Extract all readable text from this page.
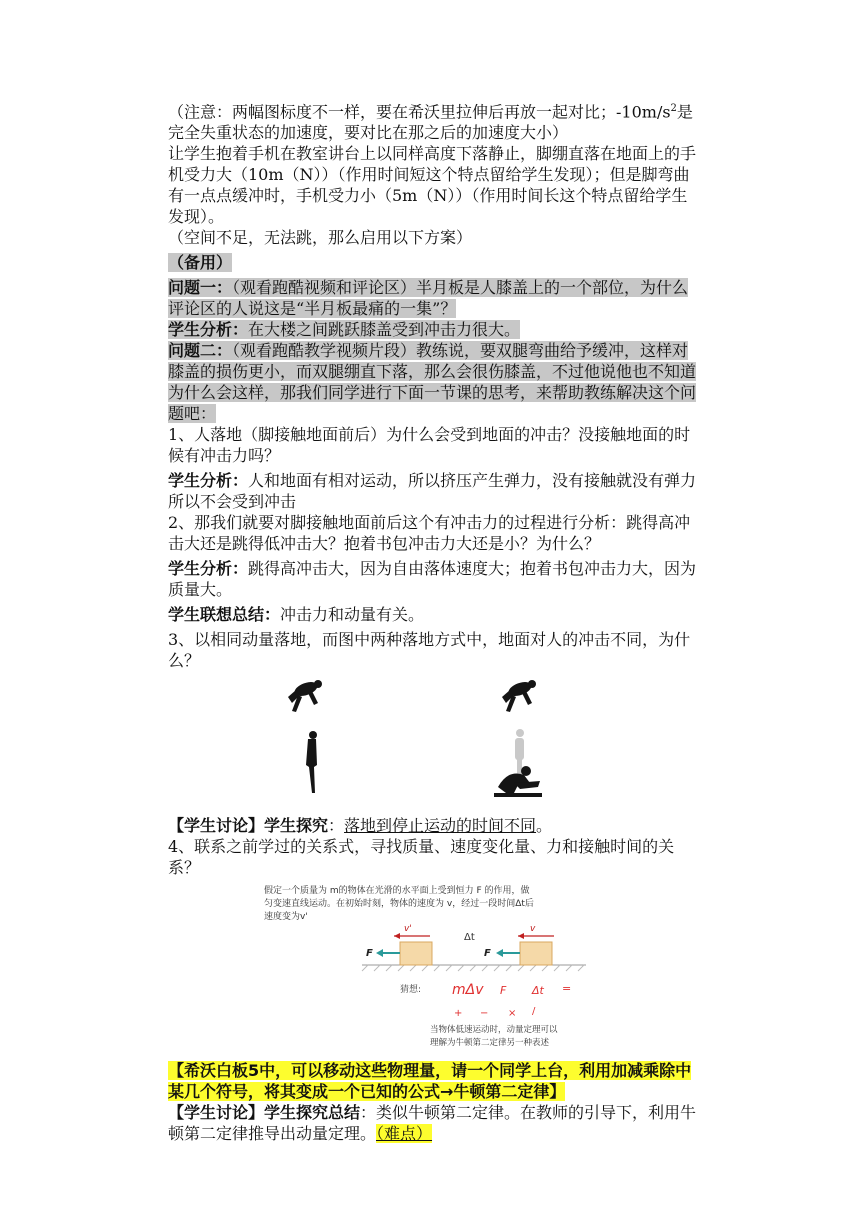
（注意：两幅图标度不一样，要在希沃里拉伸后再放一起对比；$-10m/s^2$是完全失重状态的加速度，要对比在那之后的加速度大小）

让学生抱着手机在教室讲台上以同样高度下落静止，脚绷直落在地面上的手机受力大（10m（N））（作用时间短这个特点留给学生发现）；但是脚弯曲有一点点缓冲时，手机受力小（5m（N））（作用时间长这个特点留给学生发现）。

（空间不足，无法跳，那么启用以下方案）

（备用）

问题一：（观看跑酷视频和评论区）半月板是人膝盖上的一个部位，为什么评论区的人说这是“半月板最痛的一集”？

学生分析：在大楼之间跳跃膝盖受到冲击力很大。

问题二：（观看跑酷教学视频片段）教练说，要双腿弯曲给予缓冲，这样对膝盖的损伤更小，而双腿绷直下落，那么会很伤膝盖，不过他说他也不知道为什么会这样，那我们同学进行下面一节课的思考，来帮助教练解决这个问题吧：

1、人落地（脚接触地面前后）为什么会受到地面的冲击？没接触地面的时候有冲击力吗？

学生分析：人和地面有相对运动，所以挤压产生弹力，没有接触就没有弹力所以不会受到冲击

2、那我们就要对脚接触地面前后这个有冲击力的过程进行分析：跳得高冲击大还是跳得低冲击大？抱着书包冲击力大还是小？为什么？

学生分析：跳得高冲击大，因为自由落体速度大；抱着书包冲击力大，因为质量大。

学生联想总结：冲击力和动量有关。

3、以相同动量落地，而图中两种落地方式中，地面对人的冲击不同，为什么？

【学生讨论】学生探究：落地到停止运动的时间不同。

4、联系之前学过的关系式，寻找质量、速度变化量、力和接触时间的关系？

假定一个质量为 m的物体在光滑的水平面上受到恒力 F 的作用，做
匀变速直线运动。在初始时刻，物体的速度为 v，经过一段时间Δt后
速度变为v'
v'
Δt
v
F	F
猜想: mΔv F Δt =
+ − × /
当物体低速运动时，动量定理可以
理解为牛顿第二定律另一种表述

【希沃白板5中，可以移动这些物理量，请一个同学上台，利用加减乘除中某几个符号，将其变成一个已知的公式→牛顿第二定律】

【学生讨论】学生探究总结：类似牛顿第二定律。在教师的引导下，利用牛顿第二定律推导出动量定理。（难点）
